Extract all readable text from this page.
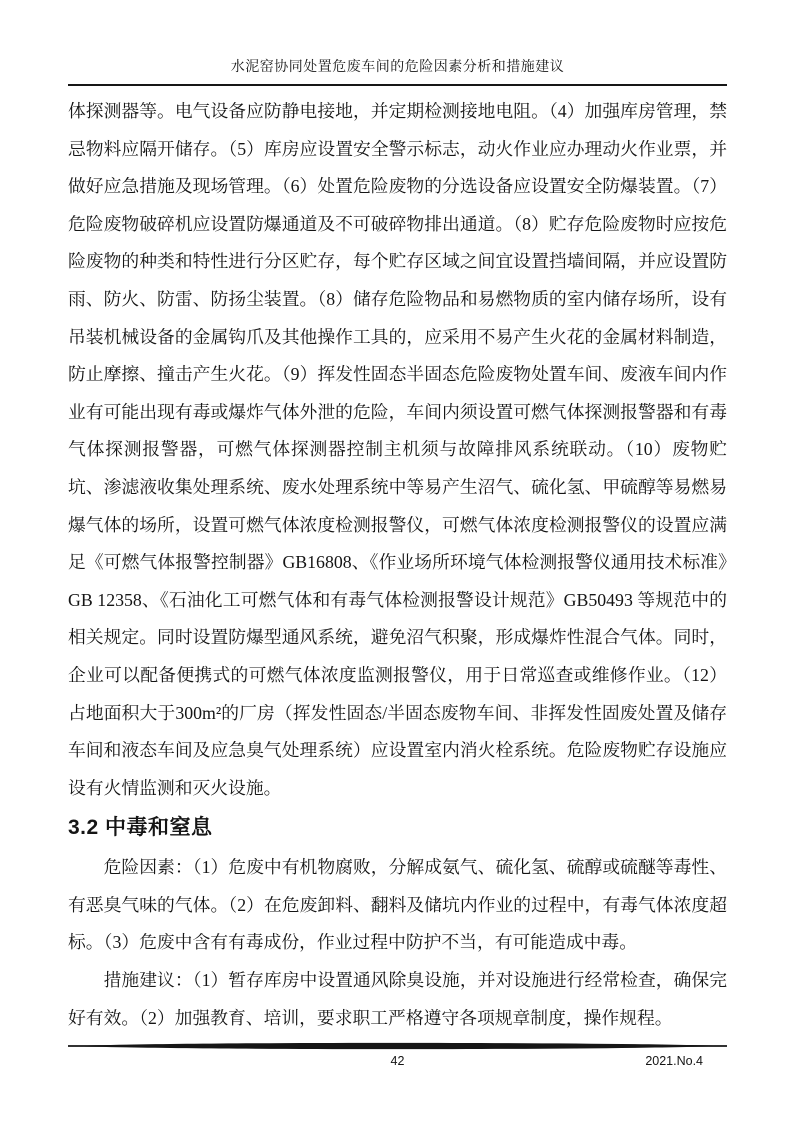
水泥窑协同处置危废车间的危险因素分析和措施建议

体探测器等。电气设备应防静电接地，并定期检测接地电阻。（4）加强库房管理，禁忌物料应隔开储存。（5）库房应设置安全警示标志，动火作业应办理动火作业票，并做好应急措施及现场管理。（6）处置危险废物的分选设备应设置安全防爆装置。（7）危险废物破碎机应设置防爆通道及不可破碎物排出通道。（8）贮存危险废物时应按危险废物的种类和特性进行分区贮存，每个贮存区域之间宜设置挡墙间隔，并应设置防雨、防火、防雷、防扬尘装置。（8）储存危险物品和易燃物质的室内储存场所，设有吊装机械设备的金属钩爪及其他操作工具的，应采用不易产生火花的金属材料制造，防止摩擦、撞击产生火花。（9）挥发性固态半固态危险废物处置车间、废液车间内作业有可能出现有毒或爆炸气体外泄的危险，车间内须设置可燃气体探测报警器和有毒气体探测报警器，可燃气体探测器控制主机须与故障排风系统联动。（10）废物贮坑、渗滤液收集处理系统、废水处理系统中等易产生沼气、硫化氢、甲硫醇等易燃易爆气体的场所，设置可燃气体浓度检测报警仪，可燃气体浓度检测报警仪的设置应满足《可燃气体报警控制器》GB16808、《作业场所环境气体检测报警仪通用技术标准》GB 12358、《石油化工可燃气体和有毒气体检测报警设计规范》GB50493 等规范中的相关规定。同时设置防爆型通风系统，避免沼气积聚，形成爆炸性混合气体。同时，企业可以配备便携式的可燃气体浓度监测报警仪，用于日常巡查或维修作业。（12）占地面积大于300m²的厂房（挥发性固态/半固态废物车间、非挥发性固废处置及储存车间和液态车间及应急臭气处理系统）应设置室内消火栓系统。危险废物贮存设施应设有火情监测和灭火设施。

3.2 中毒和窒息

危险因素：（1）危废中有机物腐败，分解成氨气、硫化氢、硫醇或硫醚等毒性、有恶臭气味的气体。（2）在危废卸料、翻料及储坑内作业的过程中，有毒气体浓度超标。（3）危废中含有有毒成份，作业过程中防护不当，有可能造成中毒。

措施建议：（1）暂存库房中设置通风除臭设施，并对设施进行经常检查，确保完好有效。（2）加强教育、培训，要求职工严格遵守各项规章制度，操作规程。

42	2021.No.4
